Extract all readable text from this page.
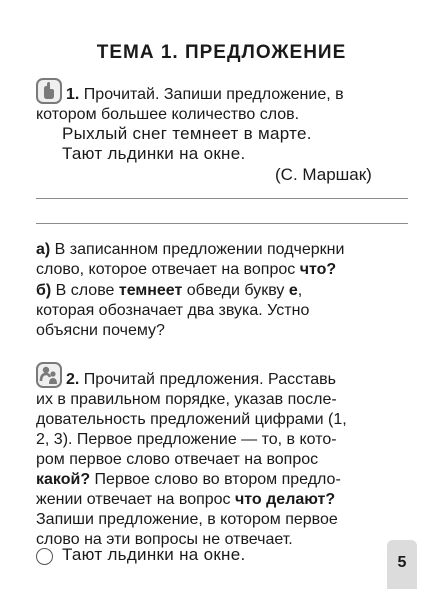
ТЕМА 1. ПРЕДЛОЖЕНИЕ
1. Прочитай. Запиши предложение, в
котором большее количество слов.
Рыхлый снег темнеет в марте.
Тают льдинки на окне.
(С. Маршак)
а) В записанном предложении подчеркни
слово, которое отвечает на вопрос что?
б) В слове темнеет обведи букву е,
которая обозначает два звука. Устно
объясни почему?
2. Прочитай предложения. Расставь
их в правильном порядке, указав после-
довательность предложений цифрами (1,
2, 3). Первое предложение — то, в кото-
ром первое слово отвечает на вопрос
какой? Первое слово во втором предло-
жении отвечает на вопрос что делают?
Запиши предложение, в котором первое
слово на эти вопросы не отвечает.
Тают льдинки на окне.	5
